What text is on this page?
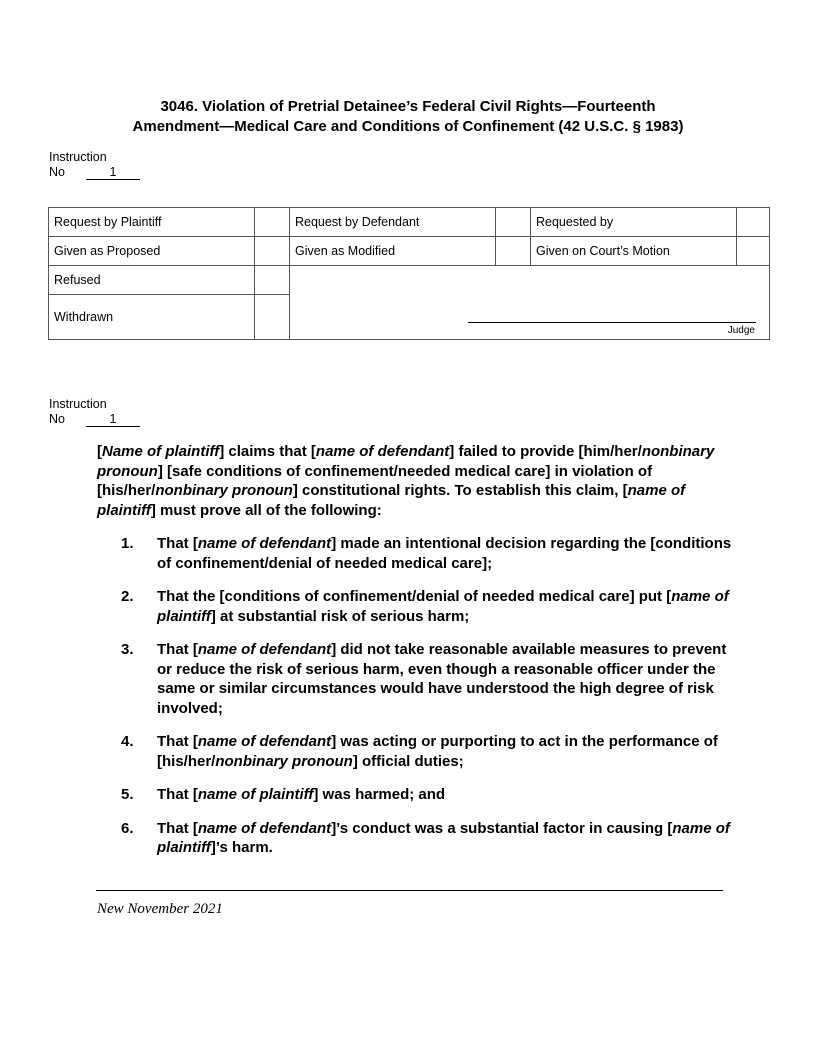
3046. Violation of Pretrial Detainee’s Federal Civil Rights—Fourteenth
Amendment—Medical Care and Conditions of Confinement (42 U.S.C. § 1983)
Instruction
No	1
Request by Plaintiff		Request by Defendant		Requested by	
Given as Proposed		Given as Modified		Given on Court’s Motion	
Refused		Judge			

Withdrawn					
Instruction
No	1

[Name of plaintiff] claims that [name of defendant] failed to provide [him/her/nonbinary pronoun] [safe conditions of confinement/needed medical care] in violation of [his/her/nonbinary pronoun] constitutional rights. To establish this claim, [name of plaintiff] must prove all of the following:

1.	That [name of defendant] made an intentional decision regarding the [conditions of confinement/denial of needed medical care];
2.	That the [conditions of confinement/denial of needed medical care] put [name of plaintiff] at substantial risk of serious harm;
3.	That [name of defendant] did not take reasonable available measures to prevent or reduce the risk of serious harm, even though a reasonable officer under the same or similar circumstances would have understood the high degree of risk involved;
4.	That [name of defendant] was acting or purporting to act in the performance of [his/her/nonbinary pronoun] official duties;
5.	That [name of plaintiff] was harmed; and
6.	That [name of defendant]’s conduct was a substantial factor in causing [name of plaintiff]’s harm.
New November 2021
